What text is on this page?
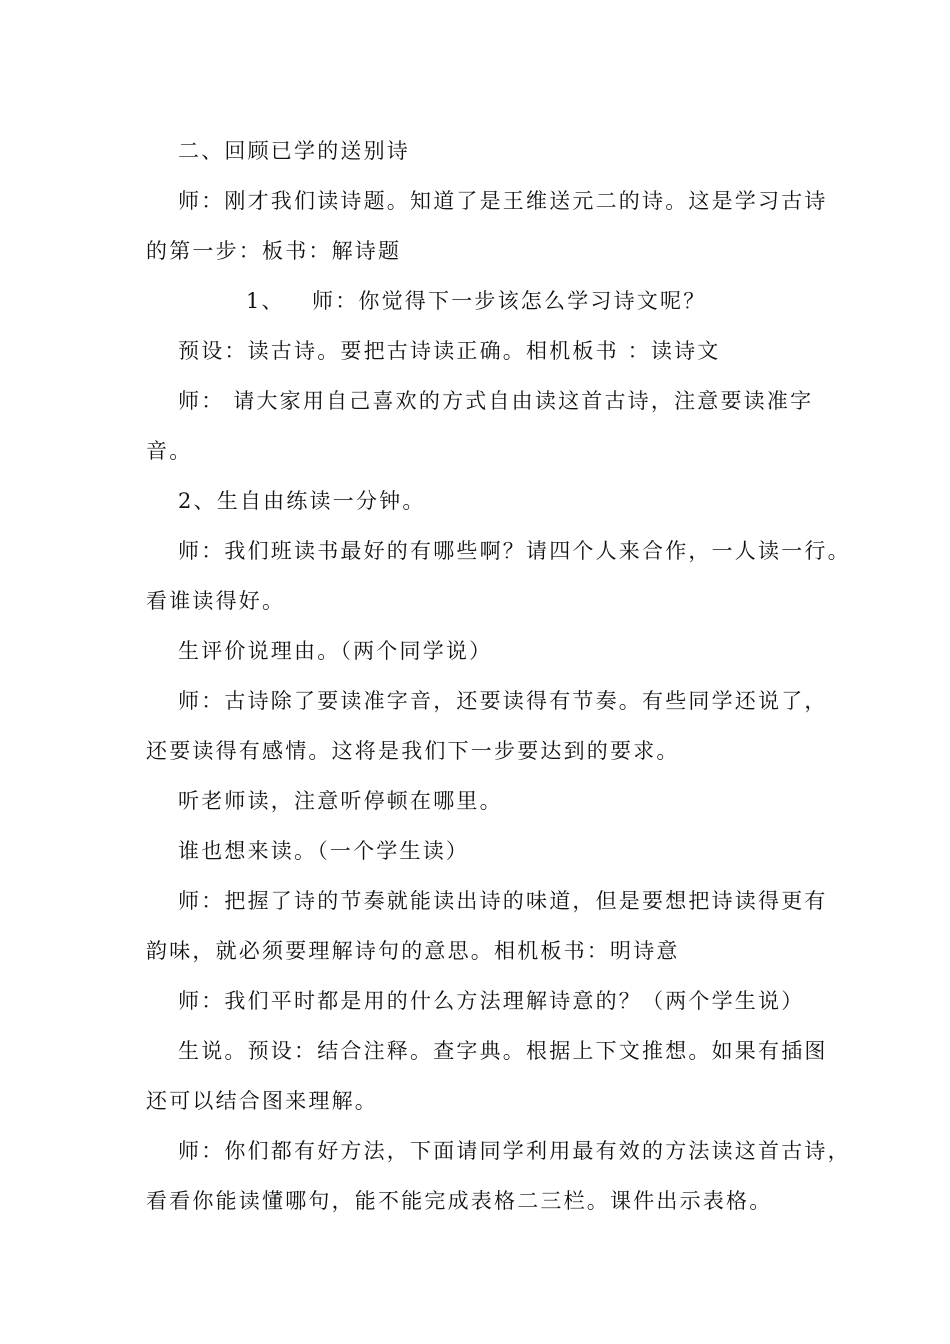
二、回顾已学的送别诗
师：刚才我们读诗题。知道了是王维送元二的诗。这是学习古诗
的第一步：板书：解诗题
1、 师：你觉得下一步该怎么学习诗文呢？
预设：读古诗。要把古诗读正确。相机板书 ：读诗文
师： 请大家用自己喜欢的方式自由读这首古诗，注意要读准字
音。
2、生自由练读一分钟。
师：我们班读书最好的有哪些啊？请四个人来合作，一人读一行。
看谁读得好。
生评价说理由。（两个同学说）
师：古诗除了要读准字音，还要读得有节奏。有些同学还说了，
还要读得有感情。这将是我们下一步要达到的要求。
听老师读，注意听停顿在哪里。
谁也想来读。（一个学生读）
师：把握了诗的节奏就能读出诗的味道，但是要想把诗读得更有
韵味，就必须要理解诗句的意思。相机板书：明诗意
师：我们平时都是用的什么方法理解诗意的？（两个学生说）
生说。预设：结合注释。查字典。根据上下文推想。如果有插图
还可以结合图来理解。
师：你们都有好方法，下面请同学利用最有效的方法读这首古诗，
看看你能读懂哪句，能不能完成表格二三栏。课件出示表格。
